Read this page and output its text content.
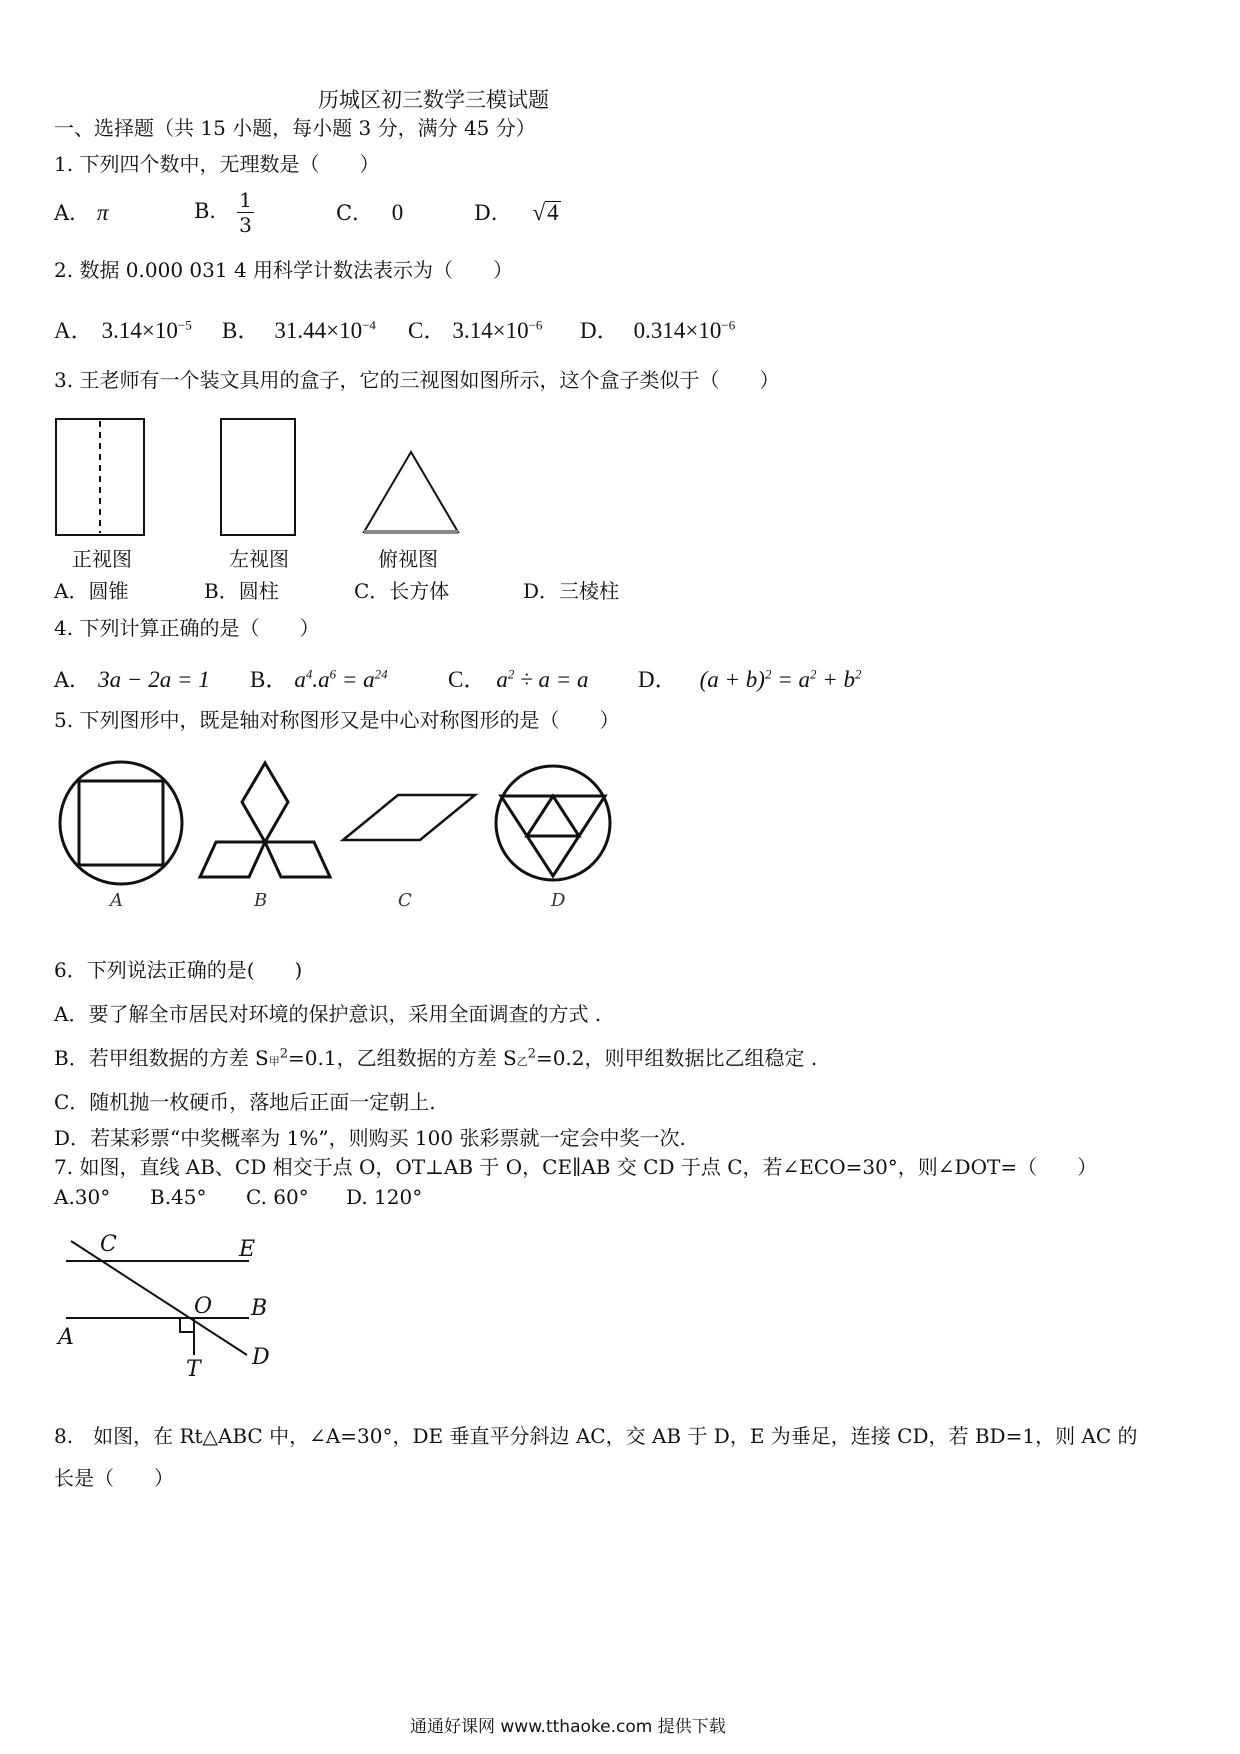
历城区初三数学三模试题
一、选择题（共 15 小题，每小题 3 分，满分 45 分）
1. 下列四个数中，无理数是（　　）
A． π	B． $\frac{1}{3}$	C． 0	D． √4
2. 数据 0.000 031 4 用科学计数法表示为（　　）
A． $3.14\times 10^{-5}$ B． $31.44\times 10^{-4}$ C． $3.14\times 10^{-6}$ D． $0.314\times 10^{-6}$
3. 王老师有一个装文具用的盒子，它的三视图如图所示，这个盒子类似于（　　）
正视图	左视图	俯视图
A．圆锥	B．圆柱	C．长方体	D．三棱柱
4. 下列计算正确的是（　　）
A． 3a − 2a = 1 B． $a^4.a^6 = a^{24}$	C． $a^2 \div a = a$ D． $(a + b)^2 = a^2 + b^2$
5. 下列图形中，既是轴对称图形又是中心对称图形的是（　　）
A	B	C	D
6．下列说法正确的是(　　)
A．要了解全市居民对环境的保护意识，采用全面调查的方式 .
B．若甲组数据的方差 S甲$^2$=0.1，乙组数据的方差 S乙$^2$=0.2，则甲组数据比乙组稳定 .
C．随机抛一枚硬币，落地后正面一定朝上.
D．若某彩票“中奖概率为 1%”，则购买 100 张彩票就一定会中奖一次.
7. 如图，直线 AB、CD 相交于点 O，OT⊥AB 于 O，CE∥AB 交 CD 于点 C，若∠ECO=30°，则∠DOT=（　　）
A.30° B.45° C. 60° D. 120°
C	E
O B
A
T D
8.　如图，在 Rt△ABC 中，∠A=30°，DE 垂直平分斜边 AC，交 AB 于 D，E 为垂足，连接 CD，若 BD=1，则 AC 的
长是（　　）
通通好课网 www.tthaoke.com 提供下载
